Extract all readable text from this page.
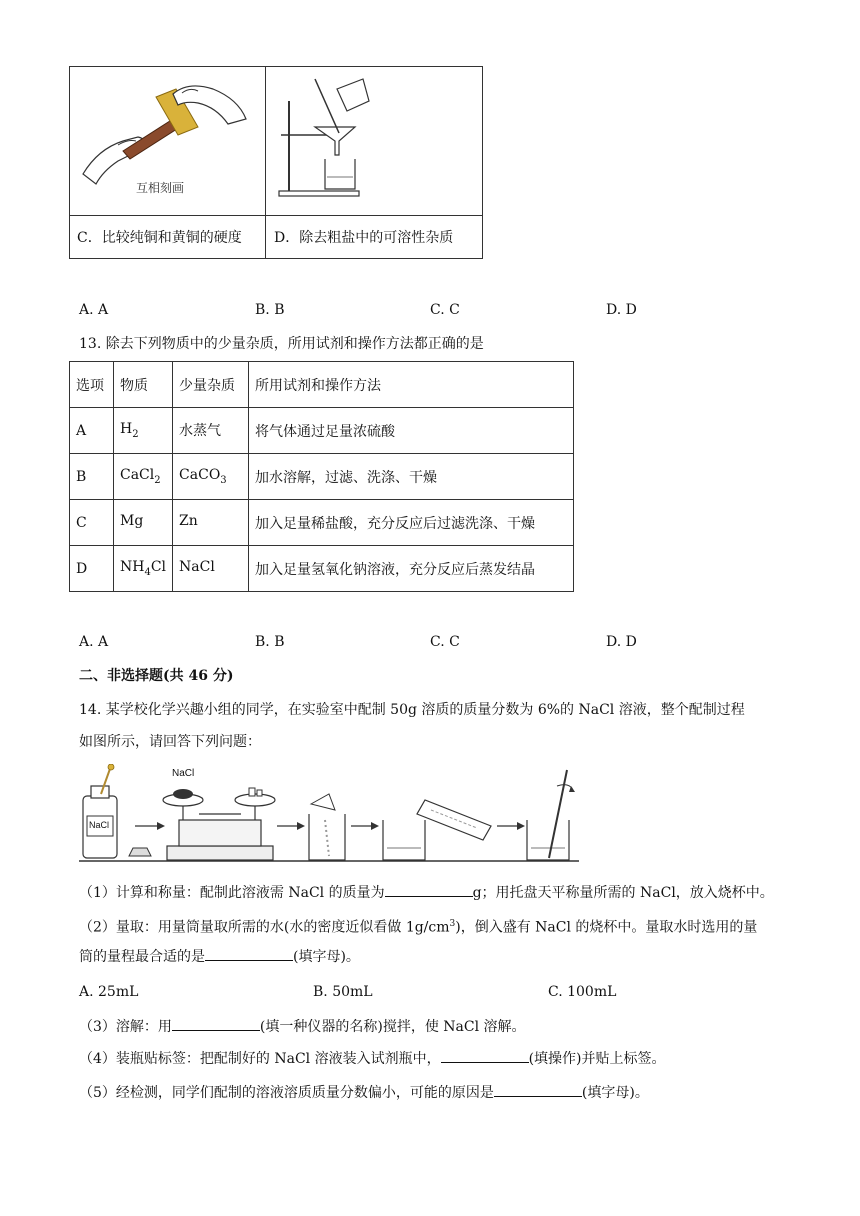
互相刻画
C．比较纯铜和黄铜的硬度 D．除去粗盐中的可溶性杂质
A. A	B. B	C. C	D. D
13. 除去下列物质中的少量杂质，所用试剂和操作方法都正确的是
选项	物质	少量杂质	所用试剂和操作方法
A	$H_2$	水蒸气	将气体通过足量浓硫酸
B	CaCl$_2$	CaCO$_3$	加水溶解，过滤、洗涤、干燥
C	Mg	Zn	加入足量稀盐酸，充分反应后过滤洗涤、干燥
D	$NH_4Cl$	NaCl	加入足量氢氧化钠溶液，充分反应后蒸发结晶
A. A	B. B	C. C	D. D
二、非选择题(共 46 分)
14. 某学校化学兴趣小组的同学，在实验室中配制 50g 溶质的质量分数为 6%的 NaCl 溶液，整个配制过程
如图所示，请回答下列问题：
NaCl
NaCl
（1）计算和称量：配制此溶液需 NaCl 的质量为	g；用托盘天平称量所需的 NaCl，放入烧杯中。
（2）量取：用量筒量取所需的水(水的密度近似看做 $1g/cm^3$)，倒入盛有 NaCl 的烧杯中。量取水时选用的量
筒的量程最合适的是	(填字母)。
A. 25mL	B. 50mL	C. 100mL
（3）溶解：用	(填一种仪器的名称)搅拌，使 NaCl 溶解。
（4）装瓶贴标签：把配制好的 NaCl 溶液装入试剂瓶中，	(填操作)并贴上标签。
（5）经检测，同学们配制的溶液溶质质量分数偏小，可能的原因是	(填字母)。
